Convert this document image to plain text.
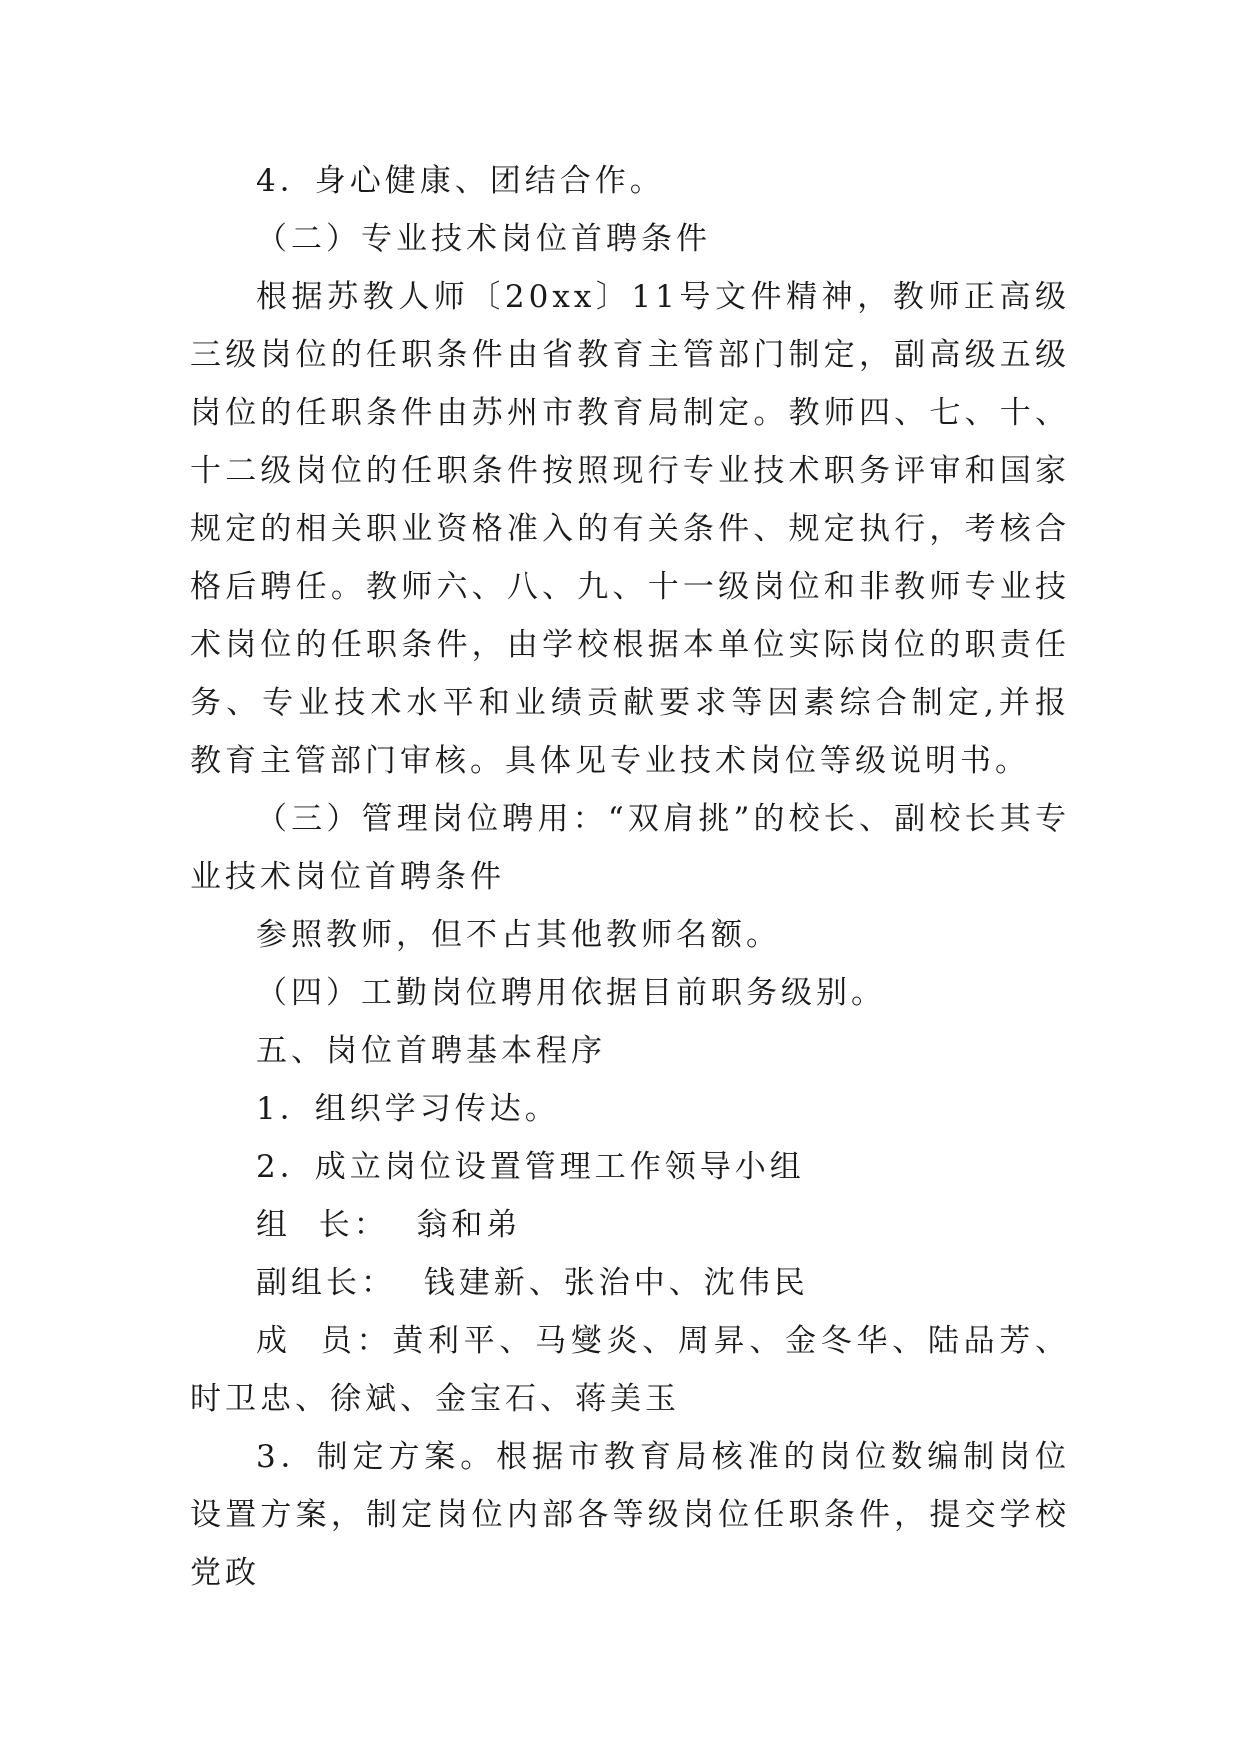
4．身心健康、团结合作。

（二）专业技术岗位首聘条件

根据苏教人师〔20xx〕11号文件精神，教师正高级三级岗位的任职条件由省教育主管部门制定，副高级五级岗位的任职条件由苏州市教育局制定。教师四、七、十、十二级岗位的任职条件按照现行专业技术职务评审和国家规定的相关职业资格准入的有关条件、规定执行，考核合格后聘任。教师六、八、九、十一级岗位和非教师专业技术岗位的任职条件，由学校根据本单位实际岗位的职责任务、专业技术水平和业绩贡献要求等因素综合制定,并报教育主管部门审核。具体见专业技术岗位等级说明书。

（三）管理岗位聘用：“双肩挑”的校长、副校长其专业技术岗位首聘条件

参照教师，但不占其他教师名额。

（四）工勤岗位聘用依据目前职务级别。

五、岗位首聘基本程序

1．组织学习传达。

2．成立岗位设置管理工作领导小组

组  长：  翁和弟

副组长：  钱建新、张治中、沈伟民

成  员：黄利平、马燮炎、周昇、金冬华、陆品芳、时卫忠、徐斌、金宝石、蒋美玉

3．制定方案。根据市教育局核准的岗位数编制岗位设置方案，制定岗位内部各等级岗位任职条件，提交学校党政
